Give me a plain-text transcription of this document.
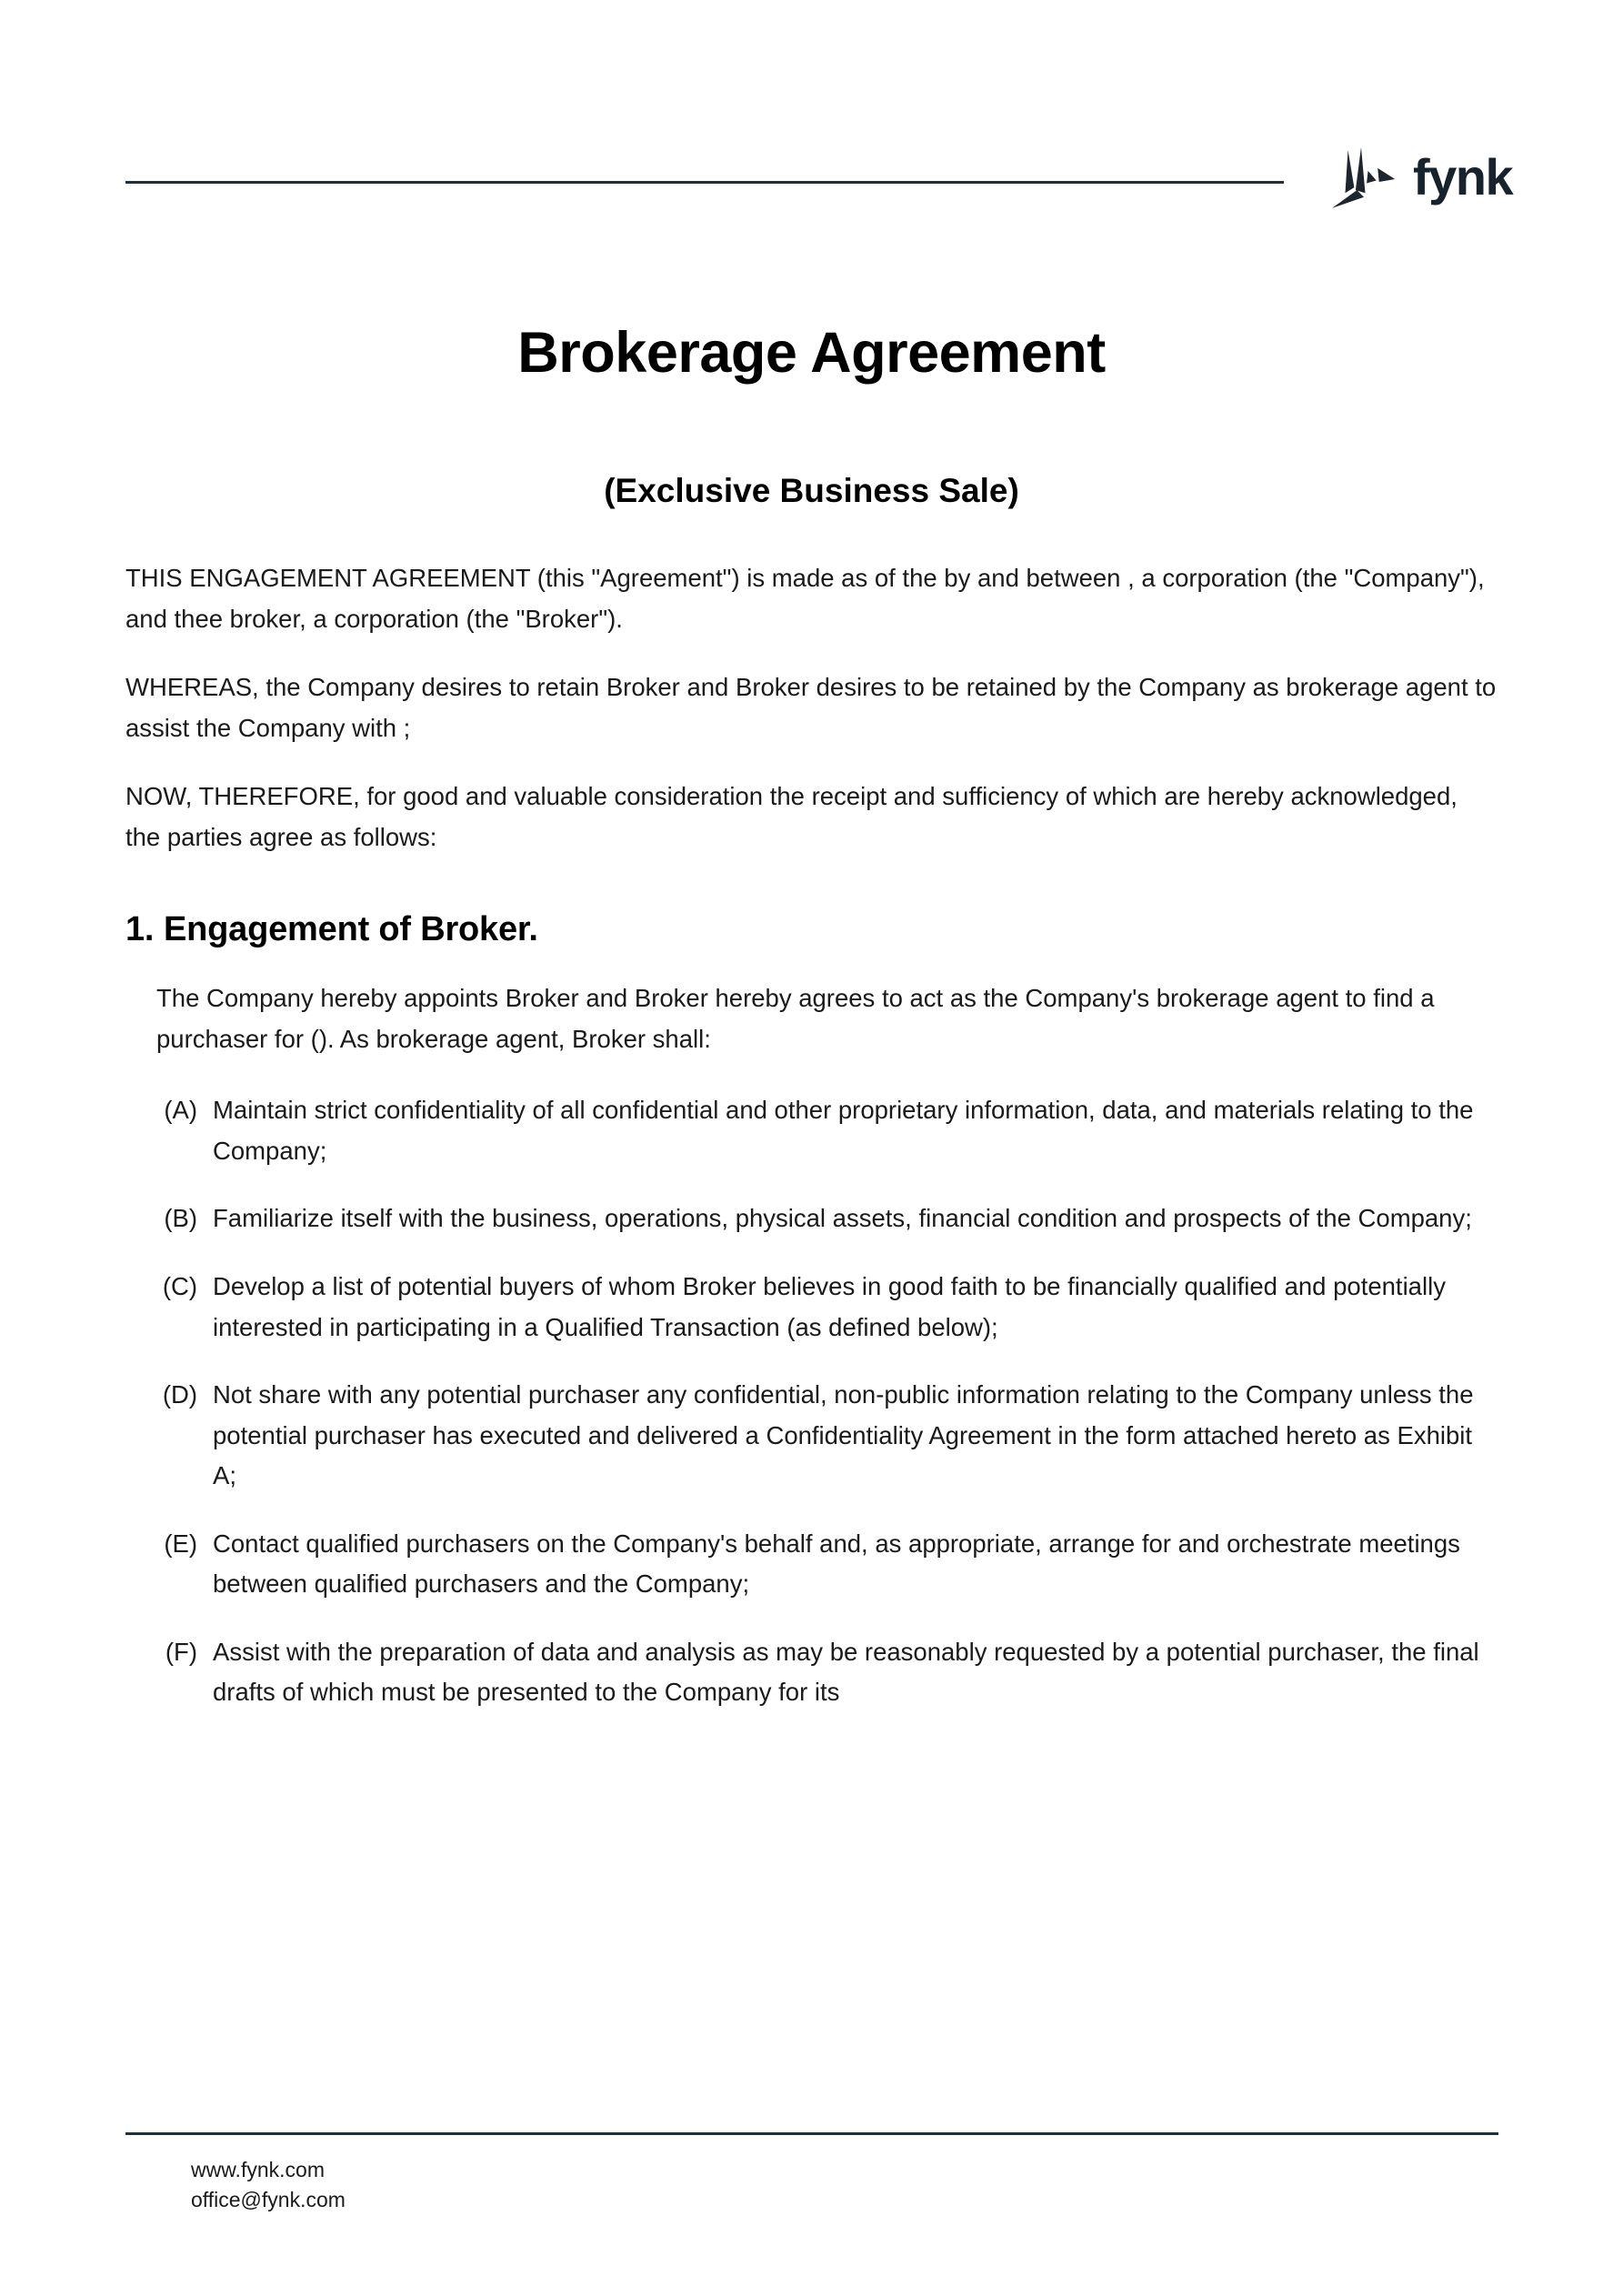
fynk
Brokerage Agreement
(Exclusive Business Sale)

THIS ENGAGEMENT AGREEMENT (this "Agreement") is made as of the by and between , a corporation (the "Company"), and thee broker, a corporation (the "Broker").

WHEREAS, the Company desires to retain Broker and Broker desires to be retained by the Company as brokerage agent to assist the Company with ;

NOW, THEREFORE, for good and valuable consideration the receipt and sufficiency of which are hereby acknowledged, the parties agree as follows:

1. Engagement of Broker.

The Company hereby appoints Broker and Broker hereby agrees to act as the Company's brokerage agent to find a purchaser for (). As brokerage agent, Broker shall:

(A) Maintain strict confidentiality of all confidential and other proprietary information, data, and materials relating to the Company;
(B) Familiarize itself with the business, operations, physical assets, financial condition and prospects of the Company;
(C) Develop a list of potential buyers of whom Broker believes in good faith to be financially qualified and potentially interested in participating in a Qualified Transaction (as defined below);
(D) Not share with any potential purchaser any confidential, non-public information relating to the Company unless the potential purchaser has executed and delivered a Confidentiality Agreement in the form attached hereto as Exhibit A;
(E) Contact qualified purchasers on the Company's behalf and, as appropriate, arrange for and orchestrate meetings between qualified purchasers and the Company;
(F) Assist with the preparation of data and analysis as may be reasonably requested by a potential purchaser, the final drafts of which must be presented to the Company for its
www.fynk.com
office@fynk.com
